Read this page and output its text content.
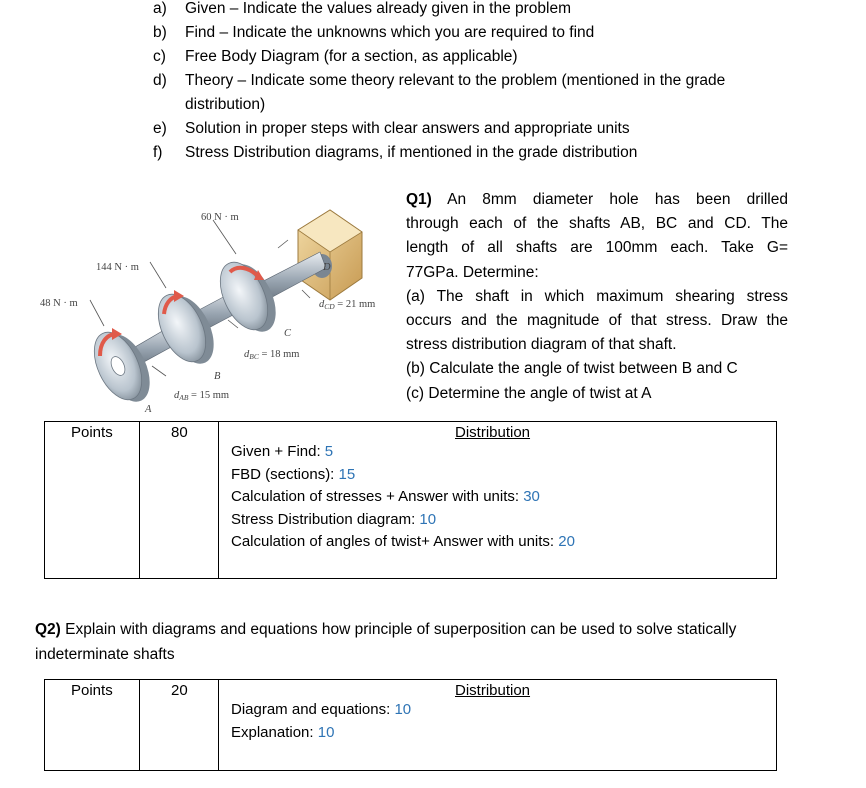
a) Given – Indicate the values already given in the problem
b) Find – Indicate the unknowns which you are required to find
c) Free Body Diagram (for a section, as applicable)
d) Theory – Indicate some theory relevant to the problem (mentioned in the grade
distribution)
e) Solution in proper steps with clear answers and appropriate units
f) Stress Distribution diagrams, if mentioned in the grade distribution
60 N · m
144 N · m
48 N · m	dCD = 21 mm
dBC = 18 mm
dAB = 15 mm
A
B
C
D
Q1) An 8mm diameter hole has been drilled
through each of the shafts AB, BC and CD. The
length of all shafts are 100mm each. Take G=
77GPa. Determine:
(a) The shaft in which maximum shearing stress
occurs and the magnitude of that stress. Draw the
stress distribution diagram of that shaft.
(b) Calculate the angle of twist between B and C
(c) Determine the angle of twist at A
Points	80	Distribution
Given + Find: 5
FBD (sections): 15
Calculation of stresses + Answer with units: 30
Stress Distribution diagram: 10
Calculation of angles of twist+ Answer with units: 20
Q2) Explain with diagrams and equations how principle of superposition can be used to solve statically indeterminate shafts
Points	20	Distribution
Diagram and equations: 10
Explanation: 10
